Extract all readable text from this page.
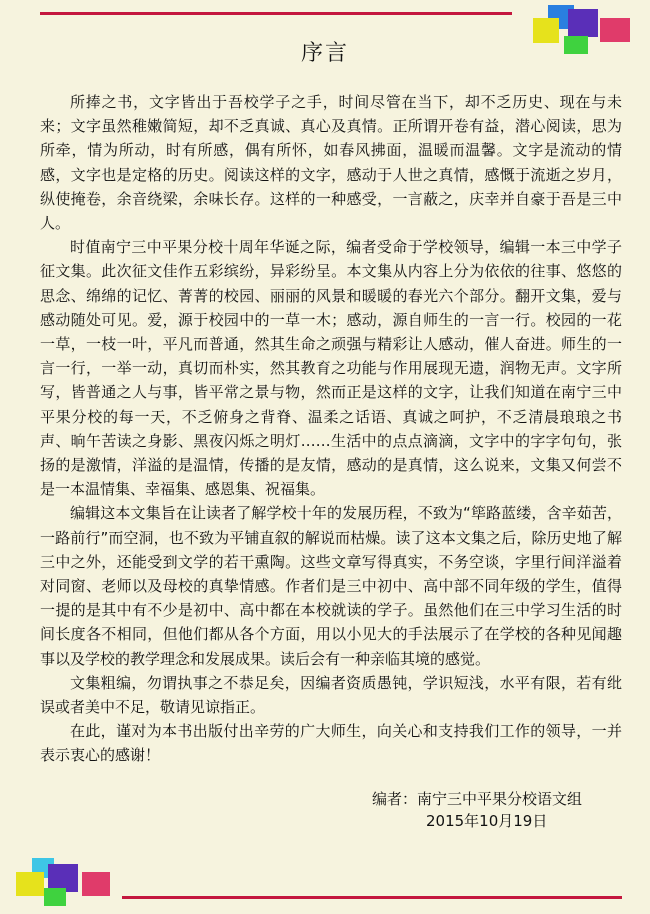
序言

所捧之书，文字皆出于吾校学子之手，时间尽管在当下，却不乏历史、现在与未来；文字虽然稚嫩简短，却不乏真诚、真心及真情。正所谓开卷有益，潜心阅读，思为所牵，情为所动，时有所感，偶有所怀，如春风拂面，温暖而温馨。文字是流动的情感，文字也是定格的历史。阅读这样的文字，感动于人世之真情，感慨于流逝之岁月，纵使掩卷，余音绕梁，余味长存。这样的一种感受，一言蔽之，庆幸并自豪于吾是三中人。

时值南宁三中平果分校十周年华诞之际，编者受命于学校领导，编辑一本三中学子征文集。此次征文佳作五彩缤纷，异彩纷呈。本文集从内容上分为依依的往事、悠悠的思念、绵绵的记忆、菁菁的校园、丽丽的风景和暖暖的春光六个部分。翻开文集，爱与感动随处可见。爱，源于校园中的一草一木；感动，源自师生的一言一行。校园的一花一草，一枝一叶，平凡而普通，然其生命之顽强与精彩让人感动，催人奋进。师生的一言一行，一举一动，真切而朴实，然其教育之功能与作用展现无遗，润物无声。文字所写，皆普通之人与事，皆平常之景与物，然而正是这样的文字，让我们知道在南宁三中平果分校的每一天，不乏俯身之背脊、温柔之话语、真诚之呵护，不乏清晨琅琅之书声、晌午苦读之身影、黑夜闪烁之明灯……生活中的点点滴滴，文字中的字字句句，张扬的是激情，洋溢的是温情，传播的是友情，感动的是真情，这么说来，文集又何尝不是一本温情集、幸福集、感恩集、祝福集。

编辑这本文集旨在让读者了解学校十年的发展历程，不致为“筚路蓝缕，含辛茹苦，一路前行”而空洞，也不致为平铺直叙的解说而枯燥。读了这本文集之后，除历史地了解三中之外，还能受到文学的若干熏陶。这些文章写得真实，不务空谈，字里行间洋溢着对同窗、老师以及母校的真挚情感。作者们是三中初中、高中部不同年级的学生，值得一提的是其中有不少是初中、高中都在本校就读的学子。虽然他们在三中学习生活的时间长度各不相同，但他们都从各个方面，用以小见大的手法展示了在学校的各种见闻趣事以及学校的教学理念和发展成果。读后会有一种亲临其境的感觉。

文集粗编，勿谓执事之不恭足矣，因编者资质愚钝，学识短浅，水平有限，若有纰误或者美中不足，敬请见谅指正。

在此，谨对为本书出版付出辛劳的广大师生，向关心和支持我们工作的领导，一并表示衷心的感谢！

编者：南宁三中平果分校语文组
2015年10月19日
